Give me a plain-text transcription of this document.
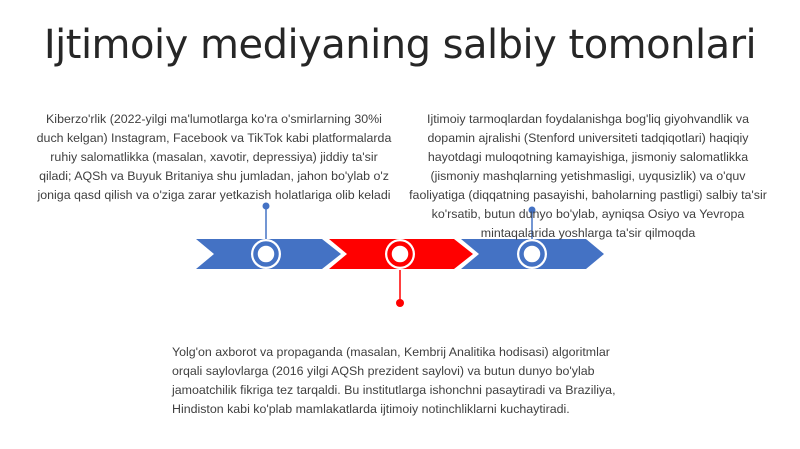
Ijtimoiy mediyaning salbiy tomonlari
Kiberzo'rlik (2022-yilgi ma'lumotlarga ko'ra o'smirlarning 30%i duch kelgan) Instagram, Facebook va TikTok kabi platformalarda ruhiy salomatlikka (masalan, xavotir, depressiya) jiddiy ta'sir qiladi; AQSh va Buyuk Britaniya shu jumladan, jahon bo'ylab o'z joniga qasd qilish va o'ziga zarar yetkazish holatlariga olib keladi
Ijtimoiy tarmoqlardan foydalanishga bog'liq giyohvandlik va dopamin ajralishi (Stenford universiteti tadqiqotlari) haqiqiy hayotdagi muloqotning kamayishiga, jismoniy salomatlikka (jismoniy mashqlarning yetishmasligi, uyqusizlik) va o'quv faoliyatiga (diqqatning pasayishi, baholarning pastligi) salbiy ta'sir ko'rsatib, butun dunyo bo'ylab, ayniqsa Osiyo va Yevropa mintaqalarida yoshlarga ta'sir qilmoqda
Yolg'on axborot va propaganda (masalan, Kembrij Analitika hodisasi) algoritmlar orqali saylovlarga (2016 yilgi AQSh prezident saylovi) va butun dunyo bo'ylab jamoatchilik fikriga tez tarqaldi. Bu institutlarga ishonchni pasaytiradi va Braziliya, Hindiston kabi ko'plab mamlakatlarda ijtimoiy notinchliklarni kuchaytiradi.
